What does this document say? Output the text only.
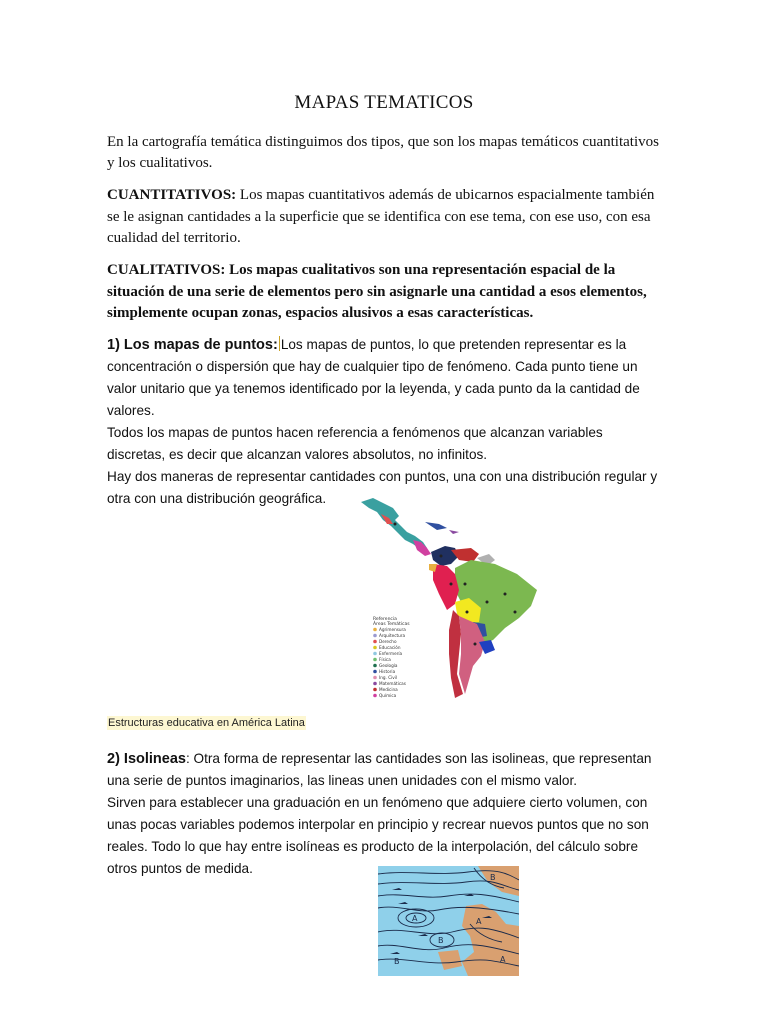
MAPAS TEMATICOS
En la cartografía temática distinguimos dos tipos, que son los mapas temáticos cuantitativos y los cualitativos.
CUANTITATIVOS: Los mapas cuantitativos además de ubicarnos espacialmente también se le asignan cantidades a la superficie que se identifica con ese tema, con ese uso, con esa cualidad del territorio.
CUALITATIVOS: Los mapas cualitativos son una representación espacial de la situación de una serie de elementos pero sin asignarle una cantidad a esos elementos, simplemente ocupan zonas, espacios alusivos a esas características.

1) Los mapas de puntos: Los mapas de puntos, lo que pretenden representar es la concentración o dispersión que hay de cualquier tipo de fenómeno. Cada punto tiene un valor unitario que ya tenemos identificado por la leyenda, y cada punto da la cantidad de valores.

Todos los mapas de puntos hacen referencia a fenómenos que alcanzan variables discretas, es decir que alcanzan valores absolutos, no infinitos.

Hay dos maneras de representar cantidades con puntos, una con una distribución regular y otra con una distribución geográfica.

Referencia
Áreas Temáticas
Agrimensura
Arquitectura
Derecho
Educación
Enfermería
Física
Geología
Historia
Ing. Civil
Matemáticas
Medicina
Química
Estructuras educativa en América Latina

2) Isolineas: Otra forma de representar las cantidades son las isolineas, que representan una serie de puntos imaginarios, las lineas unen unidades con el mismo valor.

Sirven para establecer una graduación en un fenómeno que adquiere cierto volumen, con unas pocas variables podemos interpolar en principio y recrear nuevos puntos que no son reales. Todo lo que hay entre isolíneas es producto de la interpolación, del cálculo sobre otros puntos de medida.

A	A
B
B
B
A
